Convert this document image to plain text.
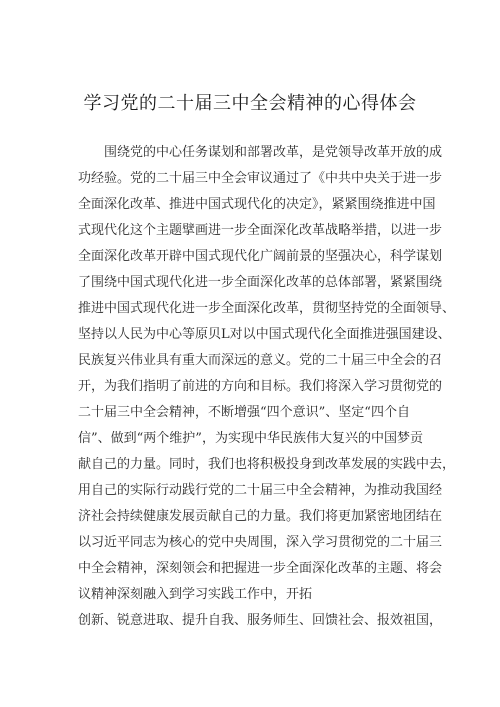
学习党的二十届三中全会精神的心得体会
围绕党的中心任务谋划和部署改革，是党领导改革开放的成
功经验。党的二十届三中全会审议通过了《中共中央关于进一步
全面深化改革、推进中国式现代化的决定》，紧紧围绕推进中国
式现代化这个主题擘画进一步全面深化改革战略举措，以进一步
全面深化改革开辟中国式现代化广阔前景的坚强决心，科学谋划
了围绕中国式现代化进一步全面深化改革的总体部署，紧紧围绕
推进中国式现代化进一步全面深化改革，贯彻坚持党的全面领导、
坚持以人民为中心等原贝L对以中国式现代化全面推进强国建设、
民族复兴伟业具有重大而深远的意义。党的二十届三中全会的召
开，为我们指明了前进的方向和目标。我们将深入学习贯彻党的
二十届三中全会精神，不断增强“四个意识”、坚定“四个自
信”、做到“两个维护”，为实现中华民族伟大复兴的中国梦贡
献自己的力量。同时，我们也将积极投身到改革发展的实践中去，
用自己的实际行动践行党的二十届三中全会精神，为推动我国经
济社会持续健康发展贡献自己的力量。我们将更加紧密地团结在
以习近平同志为核心的党中央周围，深入学习贯彻党的二十届三
中全会精神，深刻领会和把握进一步全面深化改革的主题、将会
议精神深刻融入到学习实践工作中，开拓
创新、锐意进取、提升自我、服务师生、回馈社会、报效祖国，
